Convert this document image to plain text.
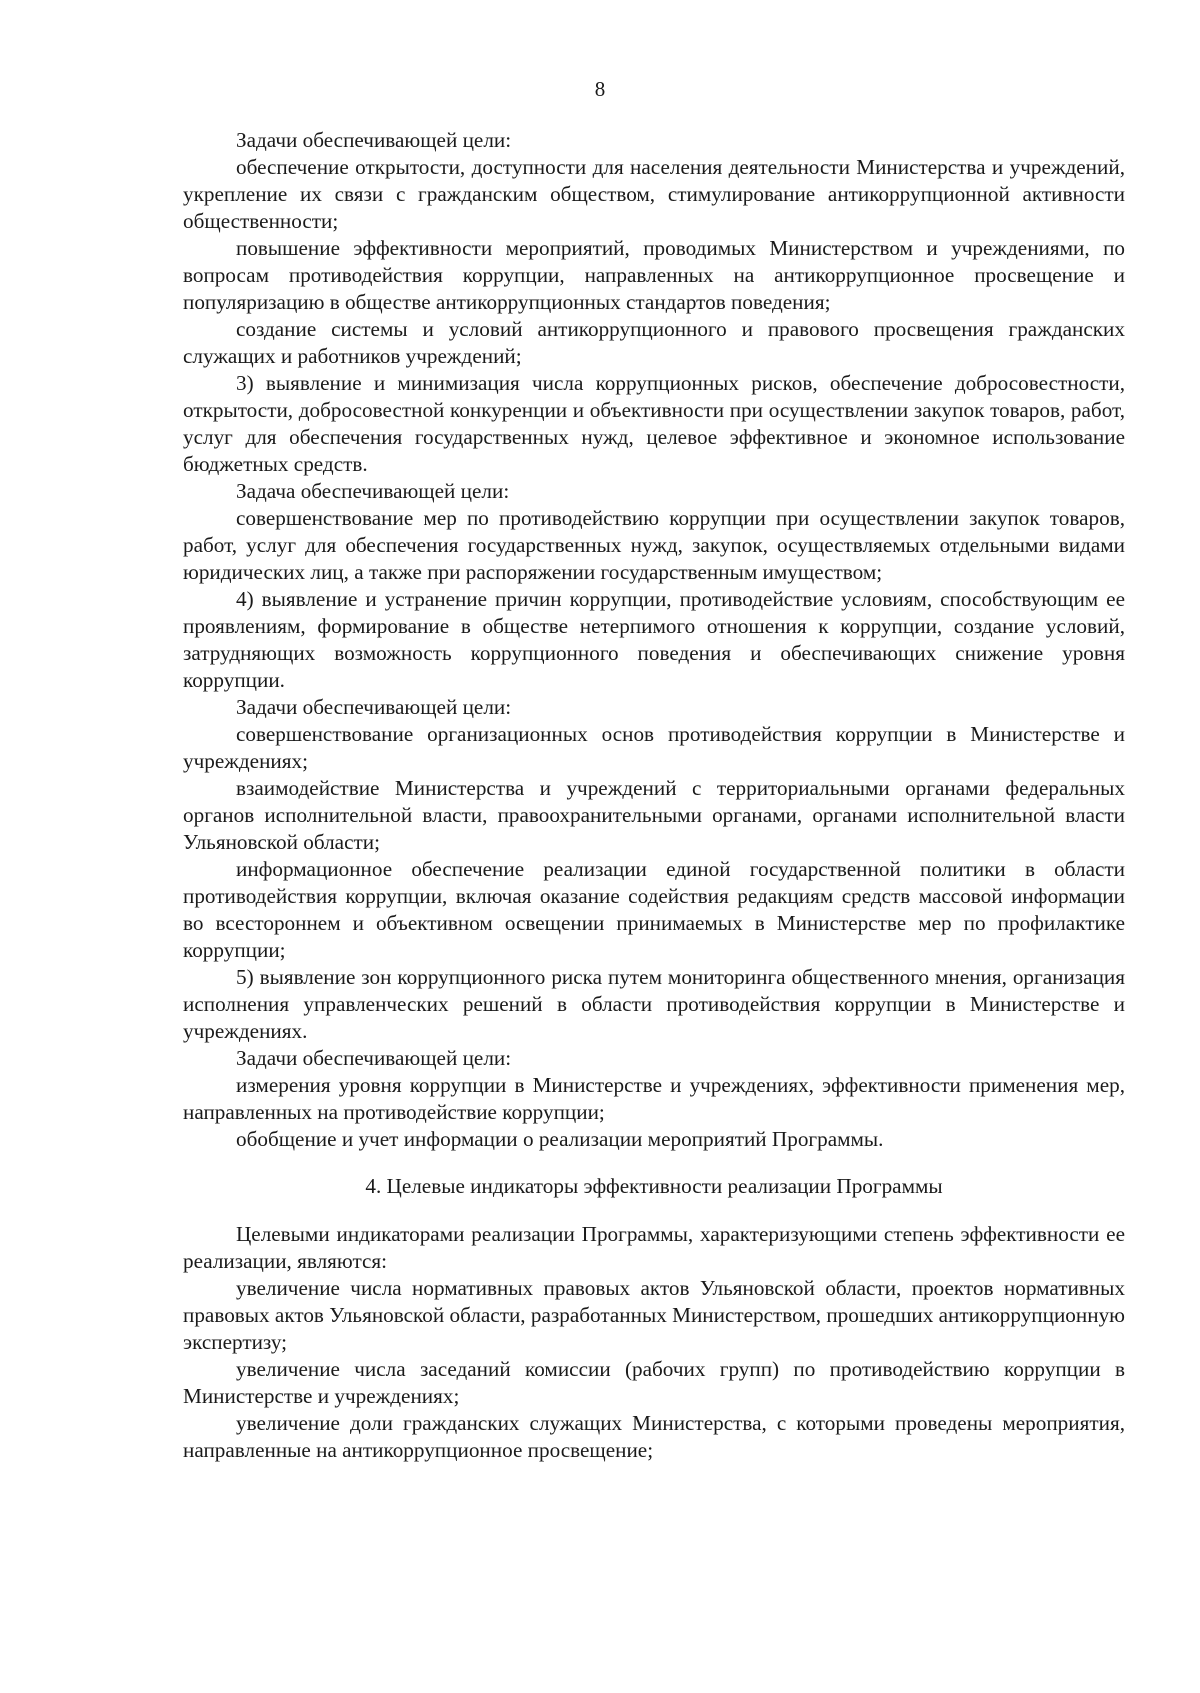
8

Задачи обеспечивающей цели:

обеспечение открытости, доступности для населения деятельности Министерства и учреждений, укрепление их связи с гражданским обществом, стимулирование антикоррупционной активности общественности;

повышение эффективности мероприятий, проводимых Министерством и учреждениями, по вопросам противодействия коррупции, направленных на антикоррупционное просвещение и популяризацию в обществе антикоррупционных стандартов поведения;

создание системы и условий антикоррупционного и правового просвещения гражданских служащих и работников учреждений;

3) выявление и минимизация числа коррупционных рисков, обеспечение добросовестности, открытости, добросовестной конкуренции и объективности при осуществлении закупок товаров, работ, услуг для обеспечения государственных нужд, целевое эффективное и экономное использование бюджетных средств.

Задача обеспечивающей цели:

совершенствование мер по противодействию коррупции при осуществлении закупок товаров, работ, услуг для обеспечения государственных нужд, закупок, осуществляемых отдельными видами юридических лиц, а также при распоряжении государственным имуществом;

4) выявление и устранение причин коррупции, противодействие условиям, способствующим ее проявлениям, формирование в обществе нетерпимого отношения к коррупции, создание условий, затрудняющих возможность коррупционного поведения и обеспечивающих снижение уровня коррупции.

Задачи обеспечивающей цели:

совершенствование организационных основ противодействия коррупции в Министерстве и учреждениях;

взаимодействие Министерства и учреждений с территориальными органами федеральных органов исполнительной власти, правоохранительными органами, органами исполнительной власти Ульяновской области;

информационное обеспечение реализации единой государственной политики в области противодействия коррупции, включая оказание содействия редакциям средств массовой информации во всестороннем и объективном освещении принимаемых в Министерстве мер по профилактике коррупции;

5) выявление зон коррупционного риска путем мониторинга общественного мнения, организация исполнения управленческих решений в области противодействия коррупции в Министерстве и учреждениях.

Задачи обеспечивающей цели:

измерения уровня коррупции в Министерстве и учреждениях, эффективности применения мер, направленных на противодействие коррупции;

обобщение и учет информации о реализации мероприятий Программы.

4. Целевые индикаторы эффективности реализации Программы

Целевыми индикаторами реализации Программы, характеризующими степень эффективности ее реализации, являются:

увеличение числа нормативных правовых актов Ульяновской области, проектов нормативных правовых актов Ульяновской области, разработанных Министерством, прошедших антикоррупционную экспертизу;

увеличение числа заседаний комиссии (рабочих групп) по противодействию коррупции в Министерстве и учреждениях;

увеличение доли гражданских служащих Министерства, с которыми проведены мероприятия, направленные на антикоррупционное просвещение;
